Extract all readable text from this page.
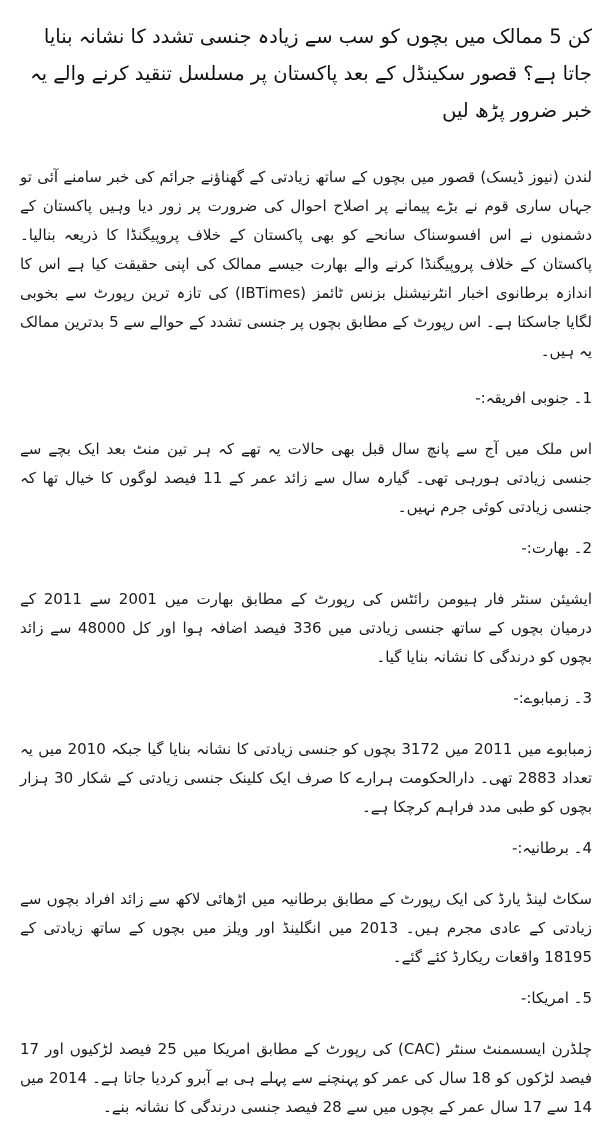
کن 5 ممالک میں بچوں کو سب سے زیادہ جنسی تشدد کا نشانہ بنایا جاتا ہے؟ قصور سکینڈل کے بعد پاکستان پر مسلسل تنقید کرنے والے یہ خبر ضرور پڑھ لیں

لندن (نیوز ڈیسک) قصور میں بچوں کے ساتھ زیادتی کے گھناؤنے جرائم کی خبر سامنے آئی تو جہاں ساری قوم نے بڑے پیمانے پر اصلاح احوال کی ضرورت پر زور دیا وہیں پاکستان کے دشمنوں نے اس افسوسناک سانحے کو بھی پاکستان کے خلاف پروپیگنڈا کا ذریعہ بنالیا۔ پاکستان کے خلاف پروپیگنڈا کرنے والے بھارت جیسے ممالک کی اپنی حقیقت کیا ہے اس کا اندازہ برطانوی اخبار انٹرنیشنل بزنس ٹائمز (IBTimes) کی تازہ ترین رپورٹ سے بخوبی لگایا جاسکتا ہے۔ اس رپورٹ کے مطابق بچوں پر جنسی تشدد کے حوالے سے 5 بدترین ممالک یہ ہیں۔

1۔ جنوبی افریقہ:-

اس ملک میں آج سے پانچ سال قبل بھی حالات یہ تھے کہ ہر تین منٹ بعد ایک بچے سے جنسی زیادتی ہورہی تھی۔ گیارہ سال سے زائد عمر کے 11 فیصد لوگوں کا خیال تھا کہ جنسی زیادتی کوئی جرم نہیں۔

2۔ بھارت:-

ایشیئن سنٹر فار ہیومن رائٹس کی رپورٹ کے مطابق بھارت میں 2001 سے 2011 کے درمیان بچوں کے ساتھ جنسی زیادتی میں 336 فیصد اضافہ ہوا اور کل 48000 سے زائد بچوں کو درندگی کا نشانہ بنایا گیا۔

3۔ زمبابوے:-

زمبابوے میں 2011 میں 3172 بچوں کو جنسی زیادتی کا نشانہ بنایا گیا جبکہ 2010 میں یہ تعداد 2883 تھی۔ دارالحکومت ہرارے کا صرف ایک کلینک جنسی زیادتی کے شکار 30 ہزار بچوں کو طبی مدد فراہم کرچکا ہے۔

4۔ برطانیہ:-

سکاٹ لینڈ یارڈ کی ایک رپورٹ کے مطابق برطانیہ میں اڑھائی لاکھ سے زائد افراد بچوں سے زیادتی کے عادی مجرم ہیں۔ 2013 میں انگلینڈ اور ویلز میں بچوں کے ساتھ زیادتی کے 18195 واقعات ریکارڈ کئے گئے۔

5۔ امریکا:-

چلڈرن ایسسمنٹ سنٹر (CAC) کی رپورٹ کے مطابق امریکا میں 25 فیصد لڑکیوں اور 17 فیصد لڑکوں کو 18 سال کی عمر کو پہنچنے سے پہلے ہی بے آبرو کردیا جاتا ہے۔ 2014 میں 14 سے 17 سال عمر کے بچوں میں سے 28 فیصد جنسی درندگی کا نشانہ بنے۔
